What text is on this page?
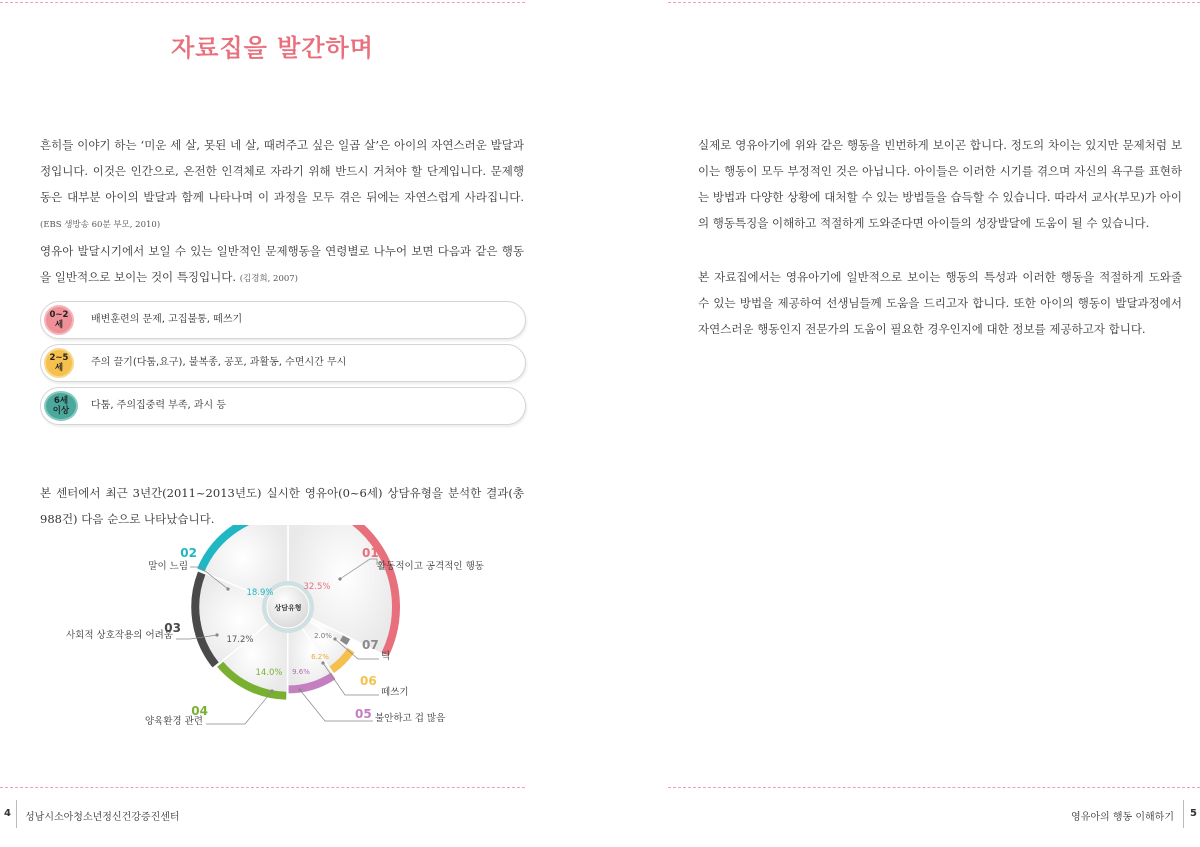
자료집을 발간하며
흔히들 이야기 하는 ‘미운 세 살, 못된 네 살, 때려주고 싶은 일곱 살’은 아이의 자연스러운 발달과정입니다. 이것은 인간으로, 온전한 인격체로 자라기 위해 반드시 거쳐야 할 단계입니다. 문제행동은 대부분 아이의 발달과 함께 나타나며 이 과정을 모두 겪은 뒤에는 자연스럽게 사라집니다. (EBS 생방송 60분 부모, 2010)
영유아 발달시기에서 보일 수 있는 일반적인 문제행동을 연령별로 나누어 보면 다음과 같은 행동을 일반적으로 보이는 것이 특징입니다. (김경희, 2007)
0~2세	배변훈련의 문제, 고집불통, 떼쓰기
2~5세	주의 끌기(다툼,요구), 불복종, 공포, 과활동, 수면시간 무시
6세
이상	다툼, 주의집중력 부족, 과시 등
본 센터에서 최근 3년간(2011~2013년도) 실시한 영유아(0~6세) 상담유형을 분석한 결과(총988건) 다음 순으로 나타났습니다.
상담유형
32.5%
18.9%
17.2%
14.0% 9.6%
6.2%
2.0%
01
활동적이고 공격적인 행동
02
말이 느림
03
사회적 상호작용의 어려움
04
양육환경 관련
05 불안하고 겁 많음
06
떼쓰기
07
틱
4 성남시소아청소년정신건강증진센터
실제로 영유아기에 위와 같은 행동을 빈번하게 보이곤 합니다. 정도의 차이는 있지만 문제처럼 보이는 행동이 모두 부정적인 것은 아닙니다. 아이들은 이러한 시기를 겪으며 자신의 욕구를 표현하는 방법과 다양한 상황에 대처할 수 있는 방법들을 습득할 수 있습니다. 따라서 교사(부모)가 아이의 행동특징을 이해하고 적절하게 도와준다면 아이들의 성장발달에 도움이 될 수 있습니다.
본 자료집에서는 영유아기에 일반적으로 보이는 행동의 특성과 이러한 행동을 적절하게 도와줄 수 있는 방법을 제공하여 선생님들께 도움을 드리고자 합니다. 또한 아이의 행동이 발달과정에서 자연스러운 행동인지 전문가의 도움이 필요한 경우인지에 대한 정보를 제공하고자 합니다.
영유아의 행동 이해하기 5
